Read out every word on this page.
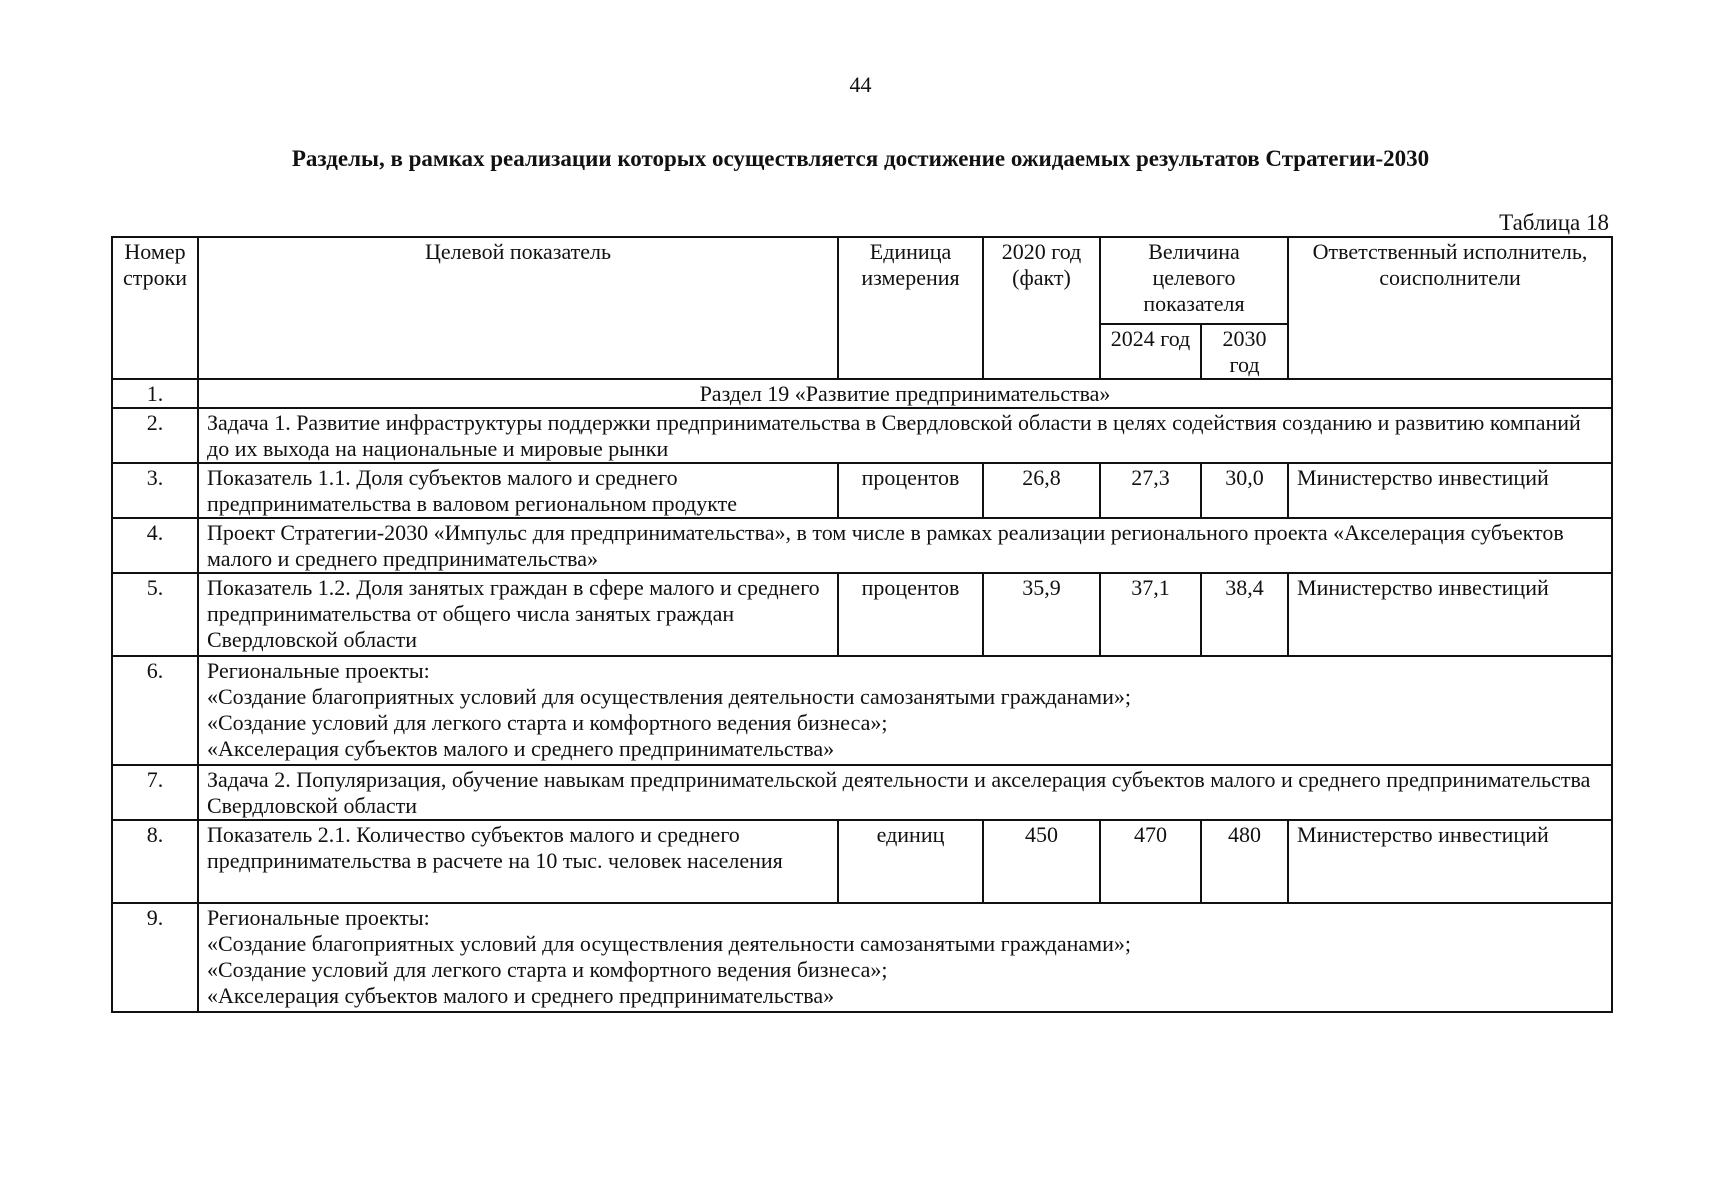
44
Разделы, в рамках реализации которых осуществляется достижение ожидаемых результатов Стратегии-2030
Таблица 18
Номер строки	Целевой показатель	Единица измерения	2020 год (факт)	Величина целевого показателя		Ответственный исполнитель, соисполнители
				2024 год	2030 год	
1.	Раздел 19 «Развитие предпринимательства»					
2.	Задача 1. Развитие инфраструктуры поддержки предпринимательства в Свердловской области в целях содействия созданию и развитию компаний до их выхода на национальные и мировые рынки					
3.	Показатель 1.1. Доля субъектов малого и среднего предпринимательства в валовом региональном продукте	процентов	26,8	27,3	30,0	Министерство инвестиций
4.	Проект Стратегии-2030 «Импульс для предпринимательства», в том числе в рамках реализации регионального проекта «Акселерация субъектов малого и среднего предпринимательства»					
5.	Показатель 1.2. Доля занятых граждан в сфере малого и среднего предпринимательства от общего числа занятых граждан Свердловской области	процентов	35,9	37,1	38,4	Министерство инвестиций
6.	Региональные проекты:
«Создание благоприятных условий для осуществления деятельности самозанятыми гражданами»;
«Создание условий для легкого старта и комфортного ведения бизнеса»;
«Акселерация субъектов малого и среднего предпринимательства»					

7.	Задача 2. Популяризация, обучение навыкам предпринимательской деятельности и акселерация субъектов малого и среднего предпринимательства Свердловской области					
8.	Показатель 2.1. Количество субъектов малого и среднего предпринимательства в расчете на 10 тыс. человек населения	единиц	450	470	480	Министерство инвестиций
9.	Региональные проекты:
«Создание благоприятных условий для осуществления деятельности самозанятыми гражданами»;
«Создание условий для легкого старта и комфортного ведения бизнеса»;
«Акселерация субъектов малого и среднего предпринимательства»					
